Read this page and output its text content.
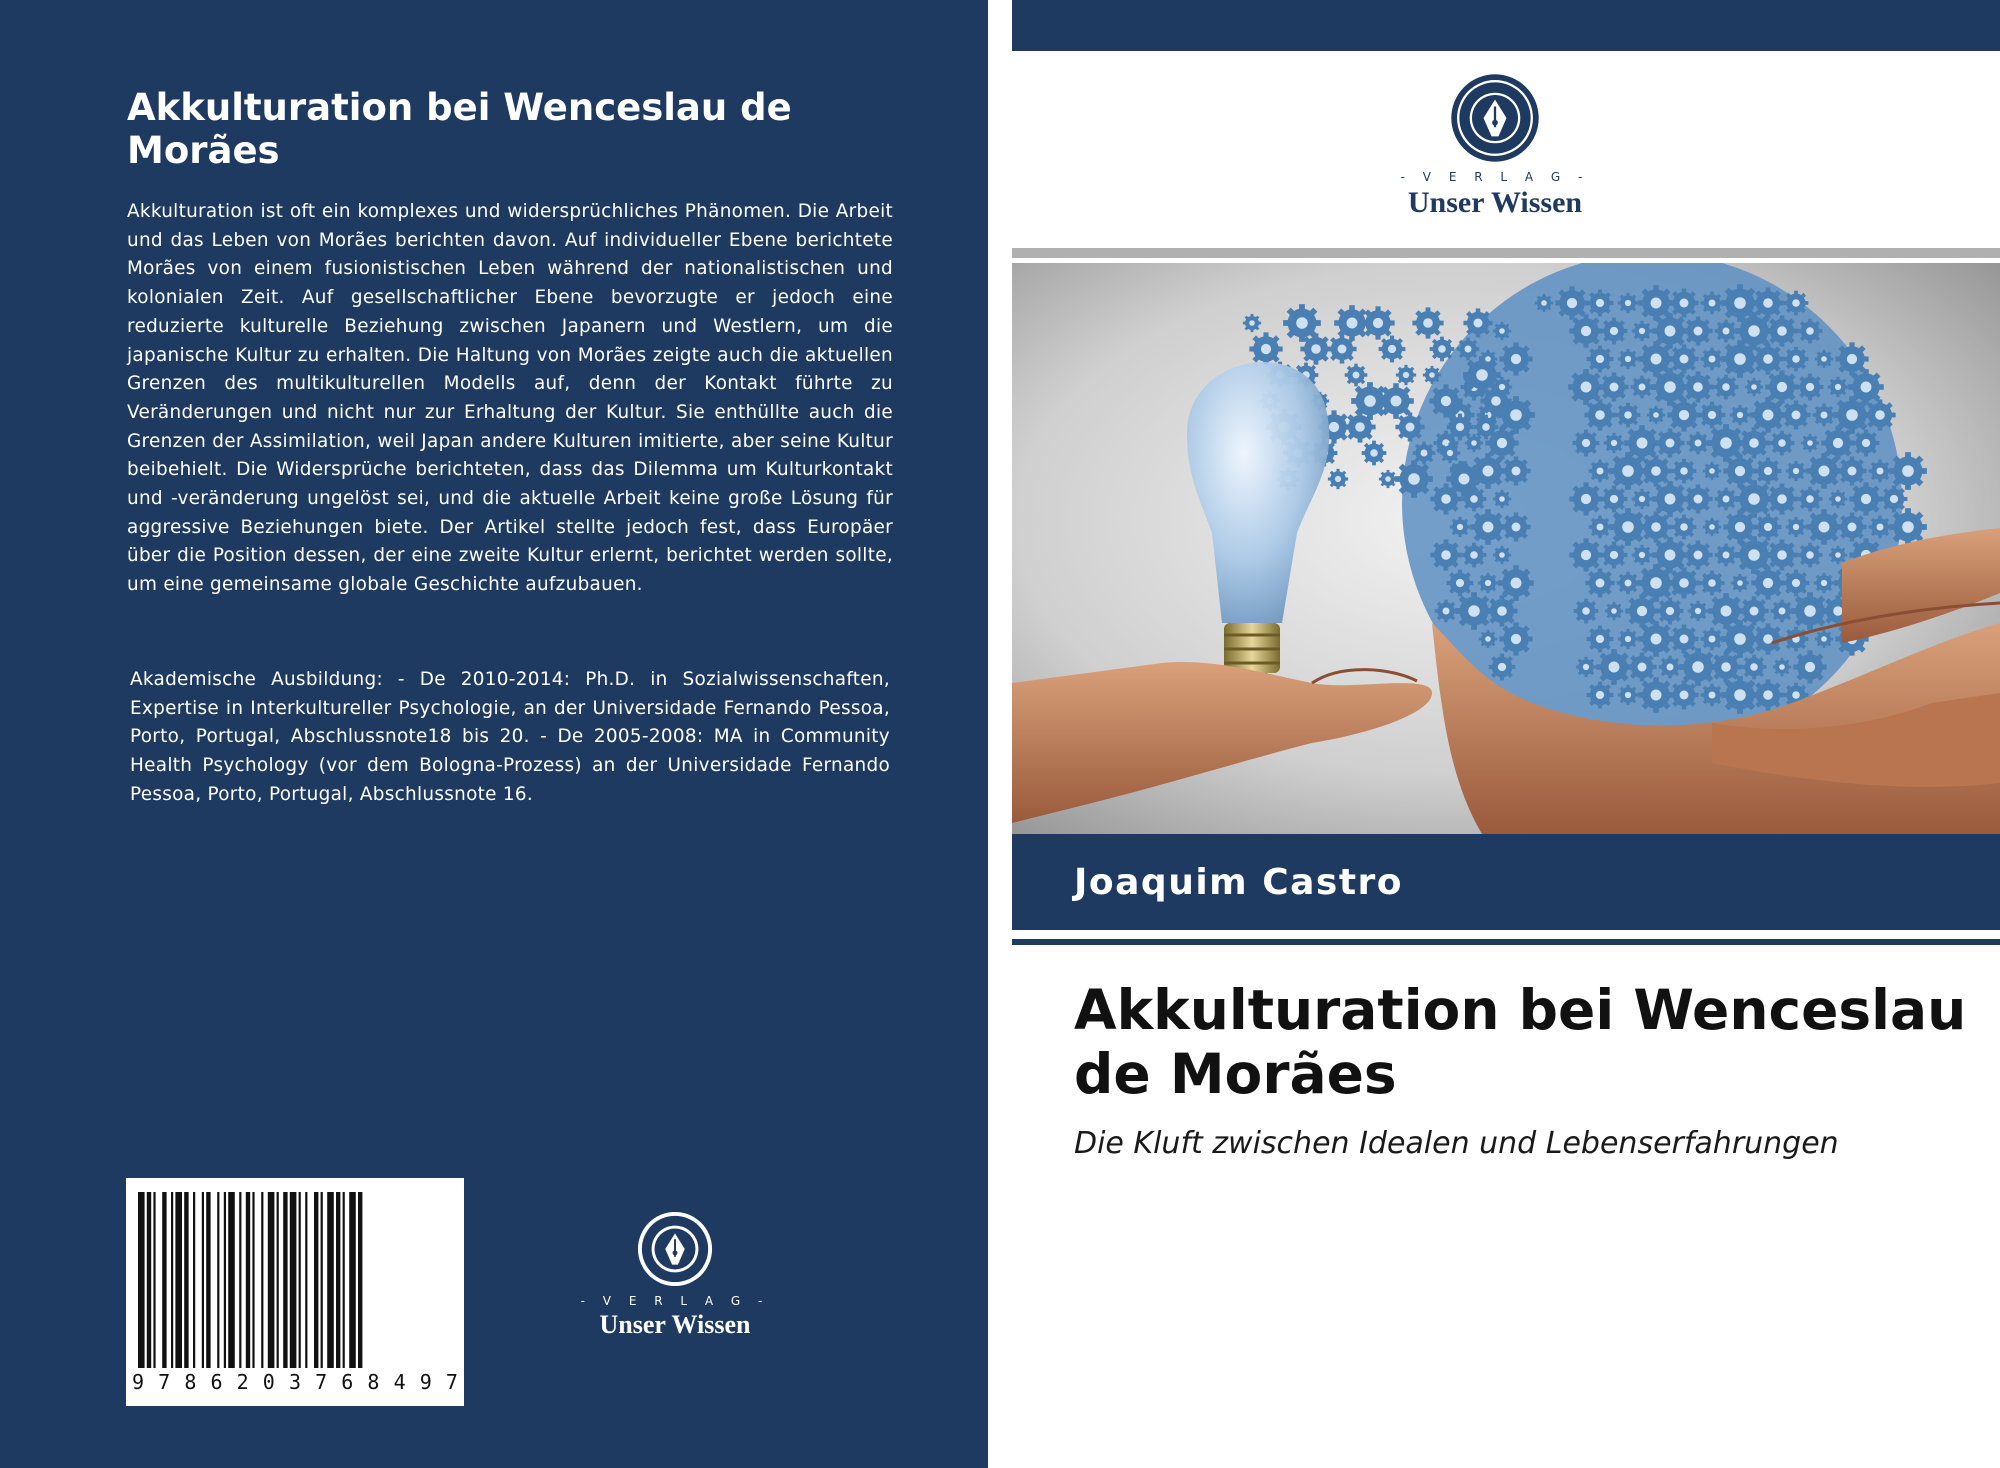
Akkulturation bei Wenceslau de Morães

Akkulturation ist oft ein komplexes und widersprüchliches Phänomen. Die Arbeit und das Leben von Morães berichten davon. Auf individueller Ebene berichtete Morães von einem fusionistischen Leben während der nationalistischen und kolonialen Zeit. Auf gesellschaftlicher Ebene bevorzugte er jedoch eine reduzierte kulturelle Beziehung zwischen Japanern und Westlern, um die japanische Kultur zu erhalten. Die Haltung von Morães zeigte auch die aktuellen Grenzen des multikulturellen Modells auf, denn der Kontakt führte zu Veränderungen und nicht nur zur Erhaltung der Kultur. Sie enthüllte auch die Grenzen der Assimilation, weil Japan andere Kulturen imitierte, aber seine Kultur beibehielt. Die Widersprüche berichteten, dass das Dilemma um Kulturkontakt und -veränderung ungelöst sei, und die aktuelle Arbeit keine große Lösung für aggressive Beziehungen biete. Der Artikel stellte jedoch fest, dass Europäer über die Position dessen, der eine zweite Kultur erlernt, berichtet werden sollte, um eine gemeinsame globale Geschichte aufzubauen.

Akademische Ausbildung: - De 2010-2014: Ph.D. in Sozialwissenschaften, Expertise in Interkultureller Psychologie, an der Universidade Fernando Pessoa, Porto, Portugal, Abschlussnote18 bis 20. - De 2005-2008: MA in Community Health Psychology (vor dem Bologna-Prozess) an der Universidade Fernando Pessoa, Porto, Portugal, Abschlussnote 16.

9 7 8 6 2 0 3 7 6 8 4 9 7
- V E R L A G -
Unser Wissen
- V E R L A G -
Unser Wissen
Joaquim Castro
Akkulturation bei Wenceslau de Morães

Die Kluft zwischen Idealen und Lebenserfahrungen
